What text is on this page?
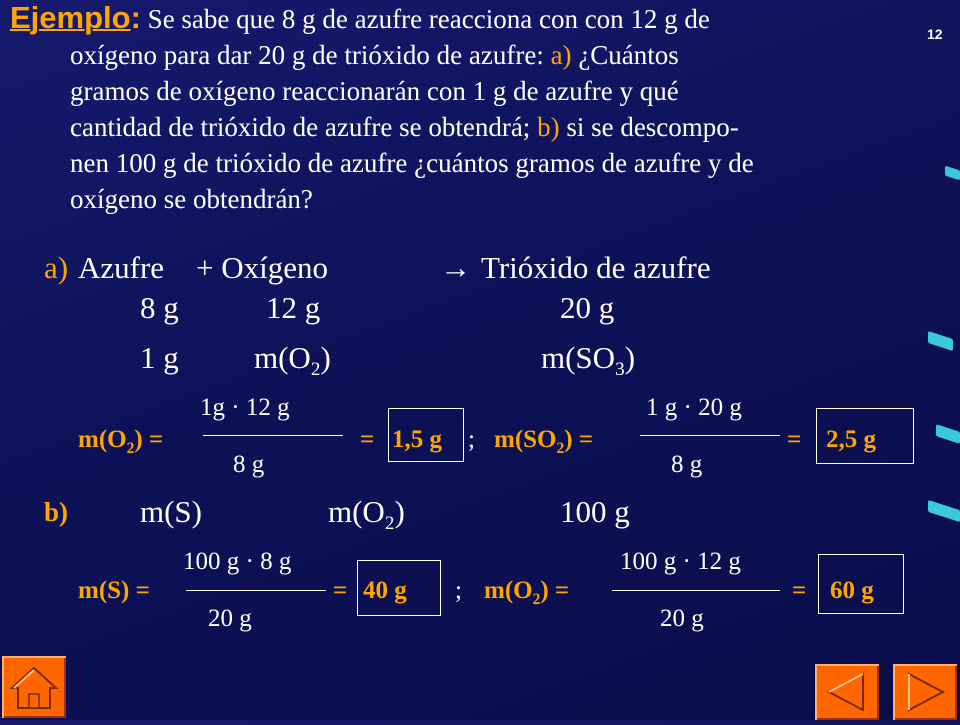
12
Ejemplo: Se sabe que 8 g de azufre reacciona con con 12 g de
oxígeno para dar 20 g de trióxido de azufre: a) ¿Cuántos
gramos de oxígeno reaccionarán con 1 g de azufre y qué
cantidad de trióxido de azufre se obtendrá; b) si se descompo-
nen 100 g de trióxido de azufre ¿cuántos gramos de azufre y de
oxígeno se obtendrán?
a) Azufre + Oxígeno	→ Trióxido de azufre
8 g	12 g	20 g
1 g $m(O_2)$	$m(SO_3)$
$m(O_2)$ =
1g · 12 g
8 g
= 1,5 g ; $m(SO_2)$ =
1 g · 20 g
8 g
= 2,5 g
b) m(S)	$m(O_2)$	100 g
m(S) =
100 g · 8 g
20 g
= 40 g ; $m(O_2)$ =
100 g · 12 g
20 g
= 60 g
